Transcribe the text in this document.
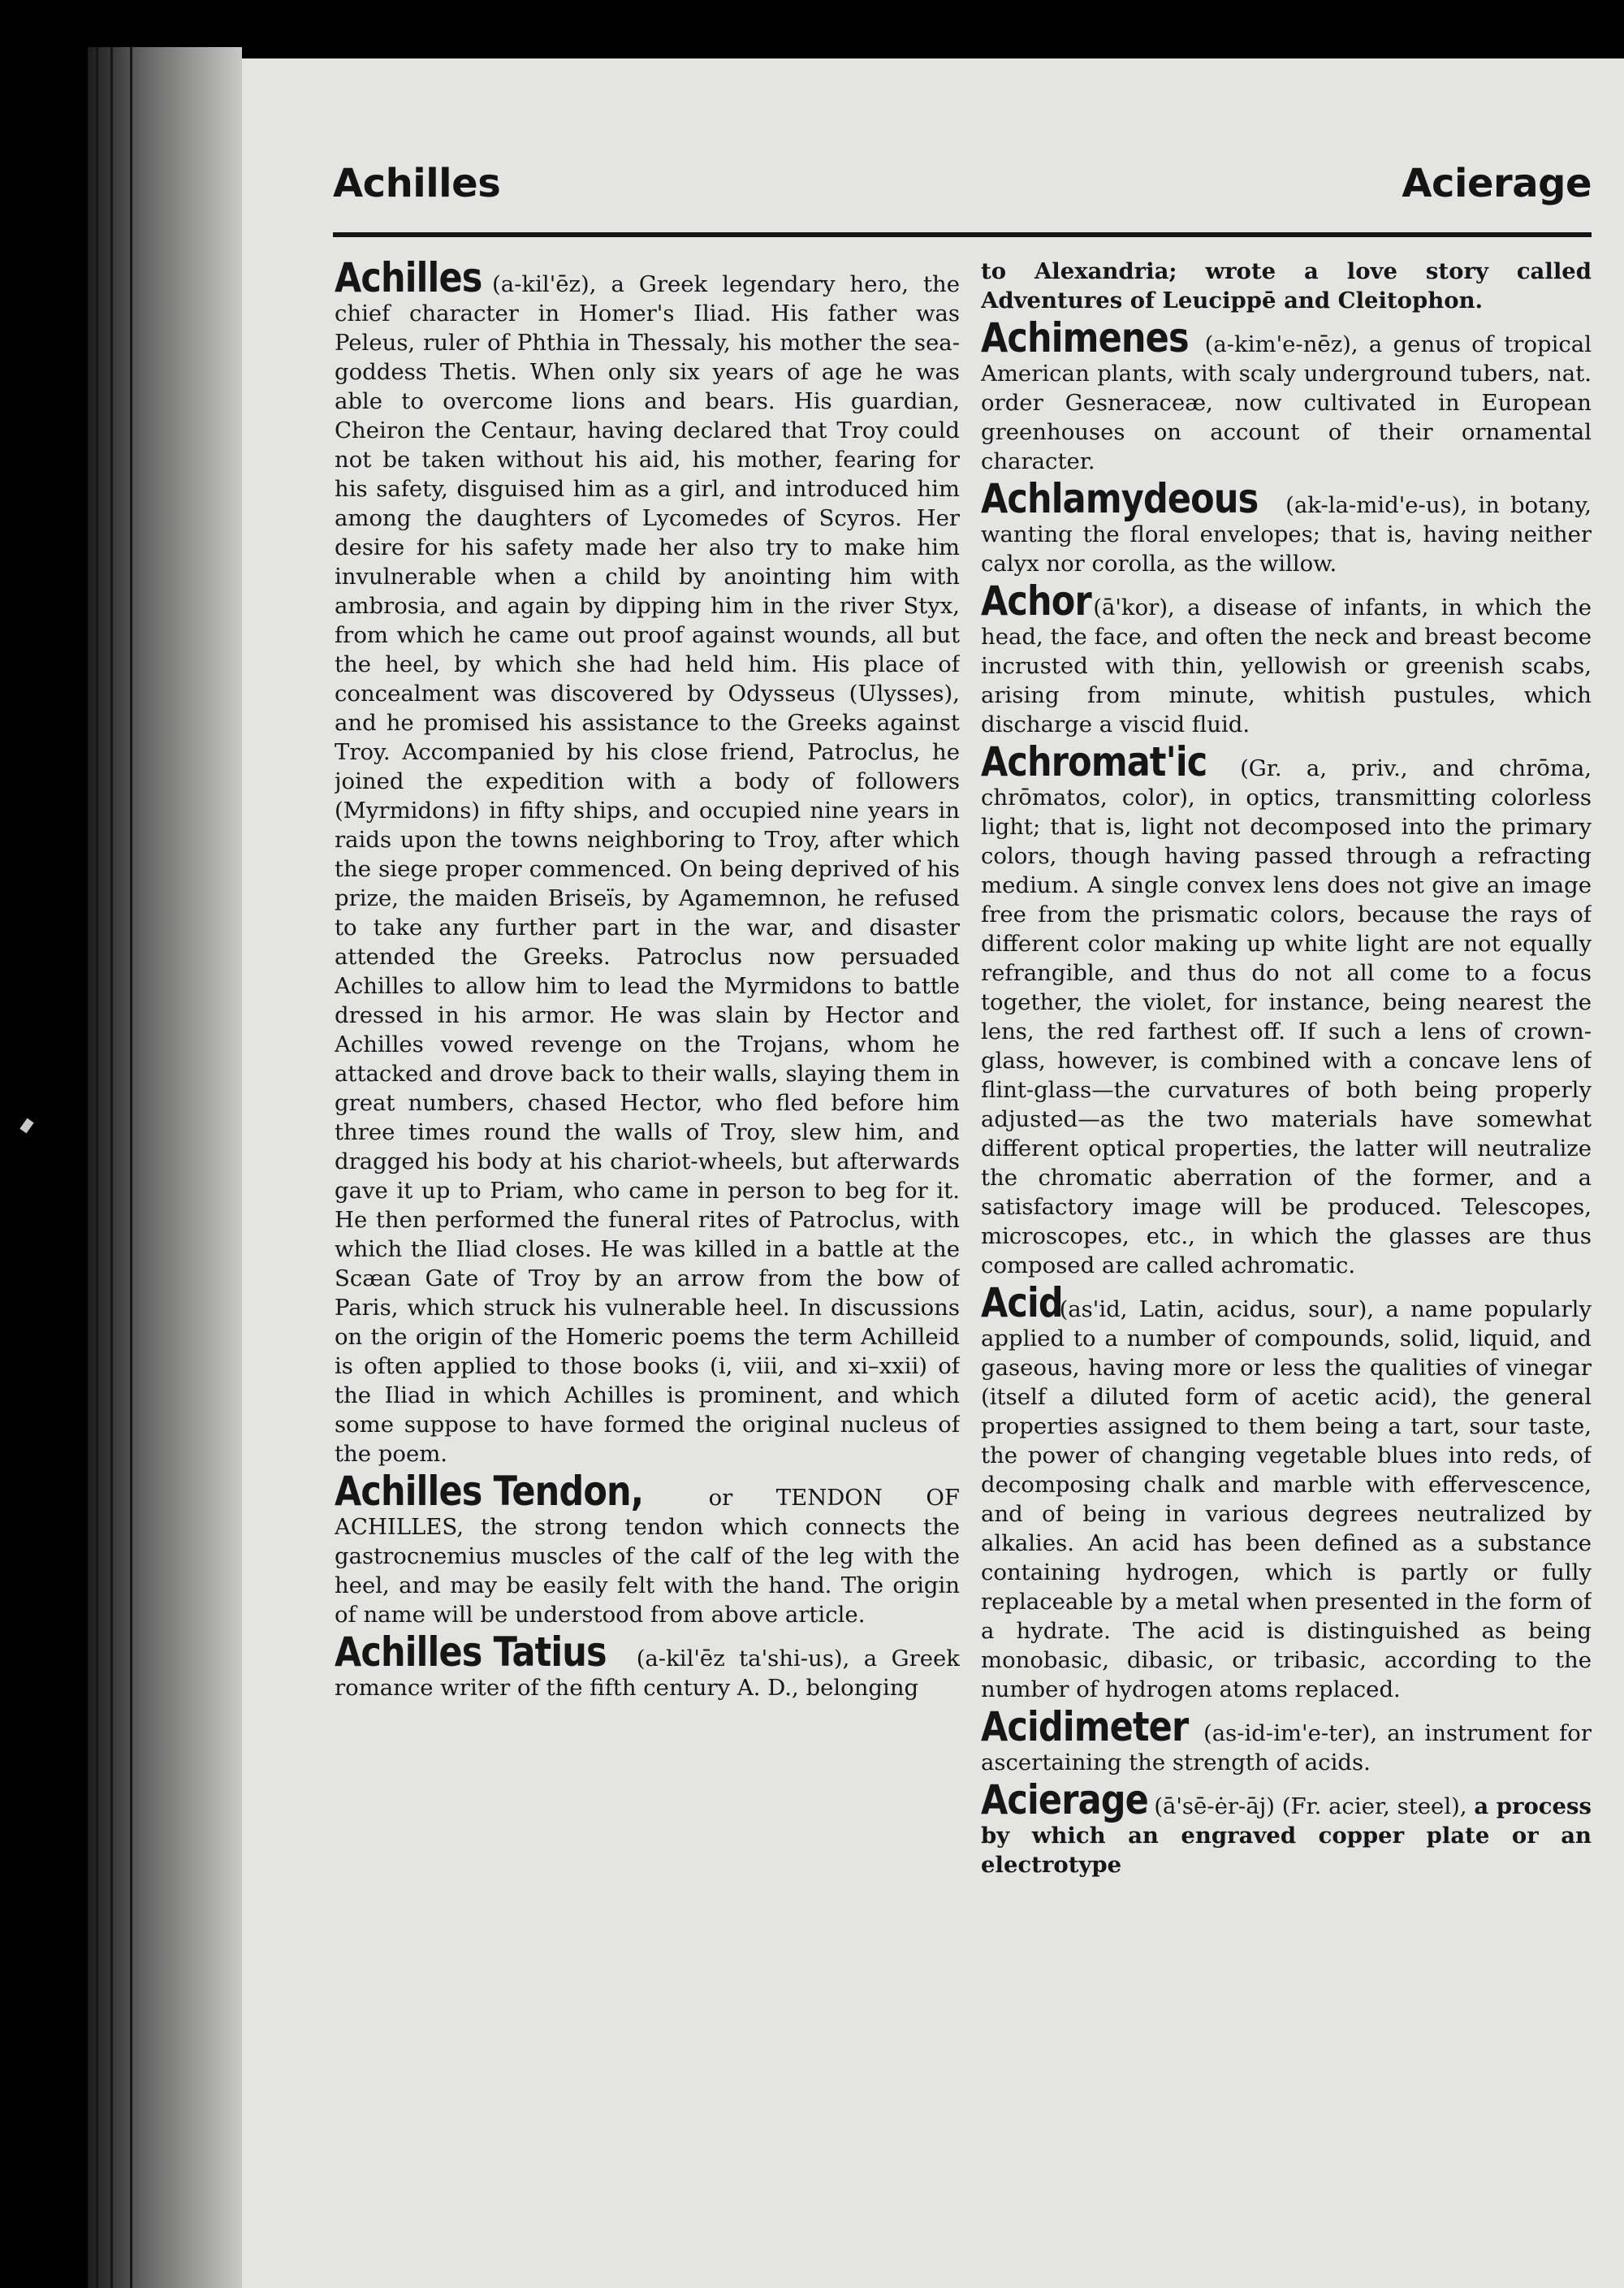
Achilles	Acierage

Achilles (a-kil'ēz), a Greek legendary hero, the chief character in Homer's Iliad. His father was Peleus, ruler of Phthia in Thessaly, his mother the sea-goddess Thetis. When only six years of age he was able to overcome lions and bears. His guardian, Cheiron the Centaur, having declared that Troy could not be taken without his aid, his mother, fearing for his safety, disguised him as a girl, and introduced him among the daughters of Lycomedes of Scyros. Her desire for his safety made her also try to make him invulnerable when a child by anointing him with ambrosia, and again by dipping him in the river Styx, from which he came out proof against wounds, all but the heel, by which she had held him. His place of concealment was discovered by Odysseus (Ulysses), and he promised his assistance to the Greeks against Troy. Accompanied by his close friend, Patroclus, he joined the expedition with a body of followers (Myrmidons) in fifty ships, and occupied nine years in raids upon the towns neighboring to Troy, after which the siege proper commenced. On being deprived of his prize, the maiden Briseïs, by Agamemnon, he refused to take any further part in the war, and disaster attended the Greeks. Patroclus now persuaded Achilles to allow him to lead the Myrmidons to battle dressed in his armor. He was slain by Hector and Achilles vowed revenge on the Trojans, whom he attacked and drove back to their walls, slaying them in great numbers, chased Hector, who fled before him three times round the walls of Troy, slew him, and dragged his body at his chariot-wheels, but afterwards gave it up to Priam, who came in person to beg for it. He then performed the funeral rites of Patroclus, with which the Iliad closes. He was killed in a battle at the Scæan Gate of Troy by an arrow from the bow of Paris, which struck his vulnerable heel. In discussions on the origin of the Homeric poems the term Achilleid is often applied to those books (i, viii, and xi–xxii) of the Iliad in which Achilles is prominent, and which some suppose to have formed the original nucleus of the poem.

Achilles Tendon,	or TENDON OF ACHILLES, the strong tendon which connects the gastrocnemius muscles of the calf of the leg with the heel, and may be easily felt with the hand. The origin of name will be understood from above article.

Achilles Tatius (a-kil'ēz ta'shi-us), a Greek romance writer of the fifth century A. D., belonging

to Alexandria; wrote a love story called Adventures of Leucippē and Cleitophon.

Achimenes (a-kim'e-nēz), a genus of tropical American plants, with scaly underground tubers, nat. order Gesneraceæ, now cultivated in European greenhouses on account of their ornamental character.

Achlamydeous (ak-la-mid'e-us), in botany, wanting the floral envelopes; that is, having neither calyx nor corolla, as the willow.

Achor (ā'kor), a disease of infants, in which the head, the face, and often the neck and breast become incrusted with thin, yellowish or greenish scabs, arising from minute, whitish pustules, which discharge a viscid fluid.

Achromat'ic (Gr. a, priv., and chrōma, chrōmatos, color), in optics, transmitting colorless light; that is, light not decomposed into the primary colors, though having passed through a refracting medium. A single convex lens does not give an image free from the prismatic colors, because the rays of different color making up white light are not equally refrangible, and thus do not all come to a focus together, the violet, for instance, being nearest the lens, the red farthest off. If such a lens of crown-glass, however, is combined with a concave lens of flint-glass—the curvatures of both being properly adjusted—as the two materials have somewhat different optical properties, the latter will neutralize the chromatic aberration of the former, and a satisfactory image will be produced. Telescopes, microscopes, etc., in which the glasses are thus composed are called achromatic.

Acid (as'id, Latin, acidus, sour), a name popularly applied to a number of compounds, solid, liquid, and gaseous, having more or less the qualities of vinegar (itself a diluted form of acetic acid), the general properties assigned to them being a tart, sour taste, the power of changing vegetable blues into reds, of decomposing chalk and marble with effervescence, and of being in various degrees neutralized by alkalies. An acid has been defined as a substance containing hydrogen, which is partly or fully replaceable by a metal when presented in the form of a hydrate. The acid is distinguished as being monobasic, dibasic, or tribasic, according to the number of hydrogen atoms replaced.

Acidimeter (as-id-im'e-ter), an instrument for ascertaining the strength of acids.

Acierage (ā'sē-ėr-āj) (Fr. acier, steel), a process by which an engraved copper plate or an electrotype
